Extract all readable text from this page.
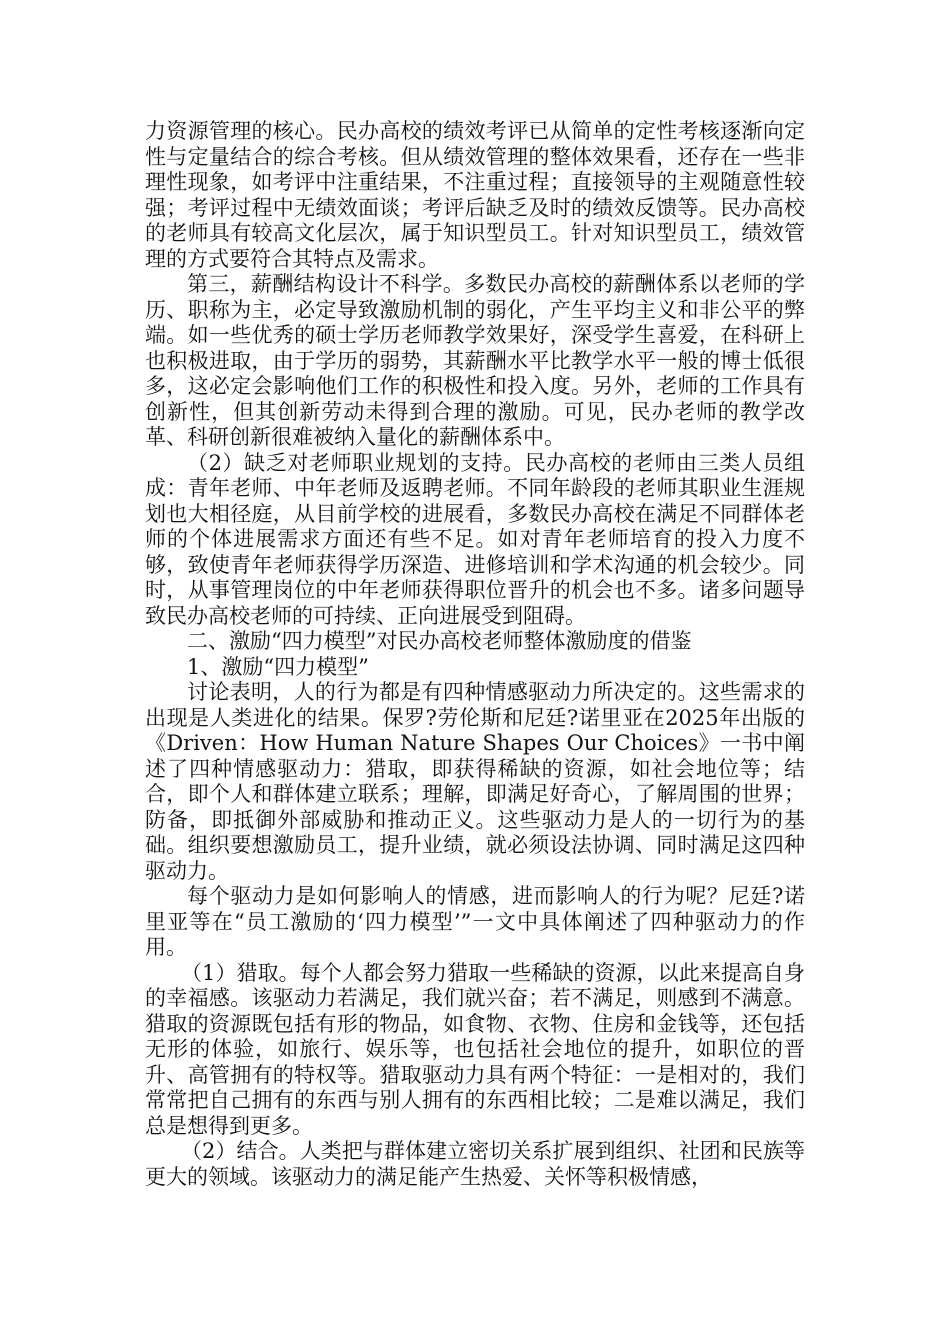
力资源管理的核心。民办高校的绩效考评已从简单的定性考核逐渐向定性与定量结合的综合考核。但从绩效管理的整体效果看，还存在一些非理性现象，如考评中注重结果，不注重过程；直接领导的主观随意性较强；考评过程中无绩效面谈；考评后缺乏及时的绩效反馈等。民办高校的老师具有较高文化层次，属于知识型员工。针对知识型员工，绩效管理的方式要符合其特点及需求。

第三，薪酬结构设计不科学。多数民办高校的薪酬体系以老师的学历、职称为主，必定导致激励机制的弱化，产生平均主义和非公平的弊端。如一些优秀的硕士学历老师教学效果好，深受学生喜爱，在科研上也积极进取，由于学历的弱势，其薪酬水平比教学水平一般的博士低很多，这必定会影响他们工作的积极性和投入度。另外，老师的工作具有创新性，但其创新劳动未得到合理的激励。可见，民办老师的教学改革、科研创新很难被纳入量化的薪酬体系中。

（2）缺乏对老师职业规划的支持。民办高校的老师由三类人员组成：青年老师、中年老师及返聘老师。不同年龄段的老师其职业生涯规划也大相径庭，从目前学校的进展看，多数民办高校在满足不同群体老师的个体进展需求方面还有些不足。如对青年老师培育的投入力度不够，致使青年老师获得学历深造、进修培训和学术沟通的机会较少。同时，从事管理岗位的中年老师获得职位晋升的机会也不多。诸多问题导致民办高校老师的可持续、正向进展受到阻碍。

二、激励“四力模型”对民办高校老师整体激励度的借鉴

1、激励“四力模型”

讨论表明，人的行为都是有四种情感驱动力所决定的。这些需求的出现是人类进化的结果。保罗?劳伦斯和尼廷?诺里亚在2025年出版的《Driven：How Human Nature Shapes Our Choices》一书中阐述了四种情感驱动力：猎取，即获得稀缺的资源，如社会地位等；结合，即个人和群体建立联系；理解，即满足好奇心，了解周围的世界；防备，即抵御外部威胁和推动正义。这些驱动力是人的一切行为的基础。组织要想激励员工，提升业绩，就必须设法协调、同时满足这四种驱动力。

每个驱动力是如何影响人的情感，进而影响人的行为呢？尼廷?诺里亚等在“员工激励的‘四力模型’”一文中具体阐述了四种驱动力的作用。

（1）猎取。每个人都会努力猎取一些稀缺的资源，以此来提高自身的幸福感。该驱动力若满足，我们就兴奋；若不满足，则感到不满意。猎取的资源既包括有形的物品，如食物、衣物、住房和金钱等，还包括无形的体验，如旅行、娱乐等，也包括社会地位的提升，如职位的晋升、高管拥有的特权等。猎取驱动力具有两个特征：一是相对的，我们常常把自己拥有的东西与别人拥有的东西相比较；二是难以满足，我们总是想得到更多。

（2）结合。人类把与群体建立密切关系扩展到组织、社团和民族等更大的领域。该驱动力的满足能产生热爱、关怀等积极情感，
